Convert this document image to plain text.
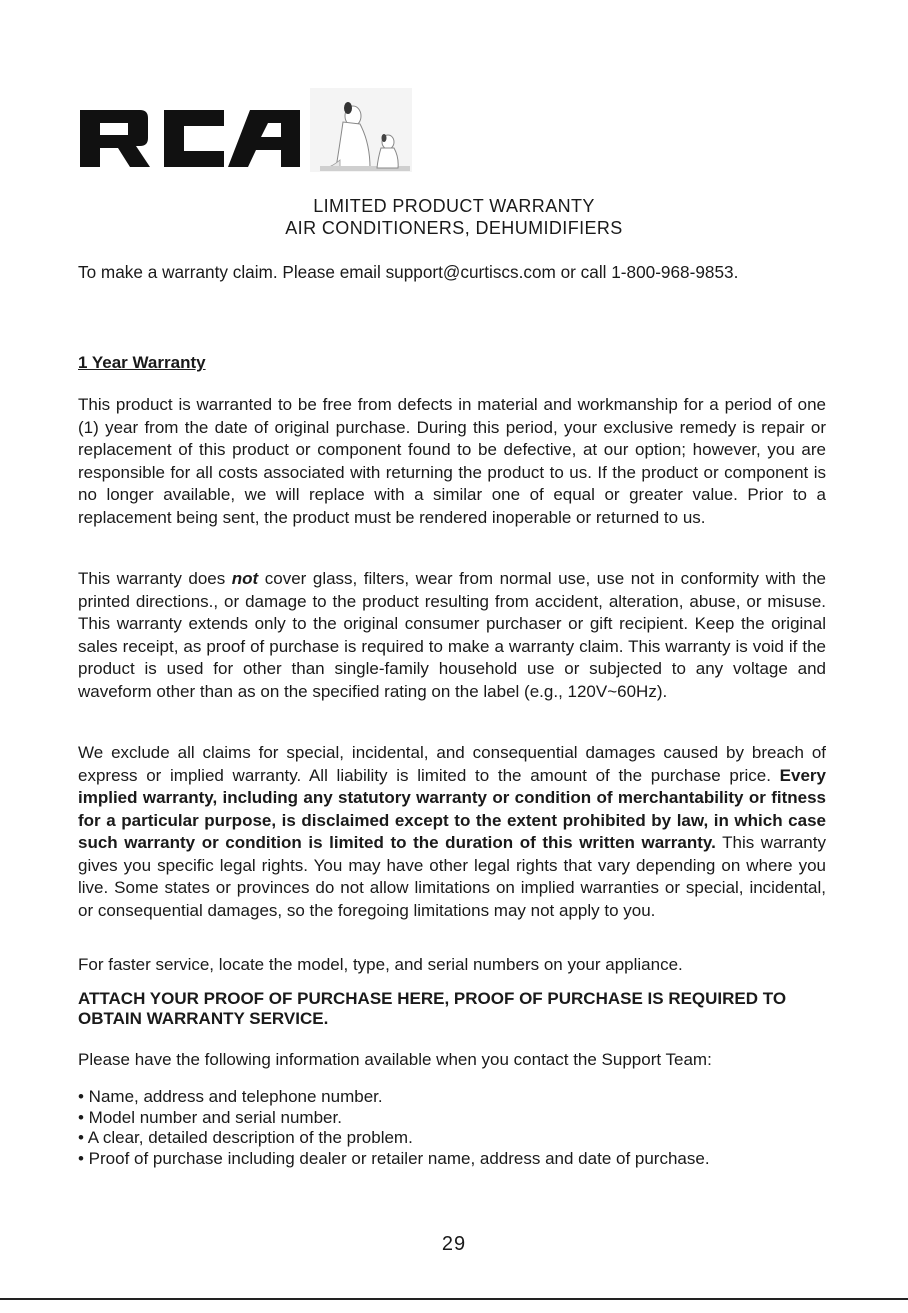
RCA
LIMITED PRODUCT WARRANTY
AIR CONDITIONERS, DEHUMIDIFIERS
To make a warranty claim. Please email support@curtiscs.com or call 1-800-968-9853.
1 Year Warranty

This product is warranted to be free from defects in material and workmanship for a period of one (1) year from the date of original purchase. During this period, your exclusive remedy is repair or replacement of this product or component found to be defective, at our option; however, you are responsible for all costs associated with returning the product to us. If the product or component is no longer available, we will replace with a similar one of equal or greater value. Prior to a replacement being sent, the product must be rendered inoperable or returned to us.

This warranty does not cover glass, filters, wear from normal use, use not in conformity with the printed directions., or damage to the product resulting from accident, alteration, abuse, or misuse. This warranty extends only to the original consumer purchaser or gift recipient. Keep the original sales receipt, as proof of purchase is required to make a warranty claim. This warranty is void if the product is used for other than single-family household use or subjected to any voltage and waveform other than as on the specified rating on the label (e.g., 120V~60Hz).

We exclude all claims for special, incidental, and consequential damages caused by breach of express or implied warranty. All liability is limited to the amount of the purchase price. Every implied warranty, including any statutory warranty or condition of merchantability or fitness for a particular purpose, is disclaimed except to the extent prohibited by law, in which case such warranty or condition is limited to the duration of this written warranty. This warranty gives you specific legal rights. You may have other legal rights that vary depending on where you live. Some states or provinces do not allow limitations on implied warranties or special, incidental, or consequential damages, so the foregoing limitations may not apply to you.

For faster service, locate the model, type, and serial numbers on your appliance.

ATTACH YOUR PROOF OF PURCHASE HERE, PROOF OF PURCHASE IS REQUIRED TO OBTAIN WARRANTY SERVICE.

Please have the following information available when you contact the Support Team:

• Name, address and telephone number.
• Model number and serial number.
• A clear, detailed description of the problem.
• Proof of purchase including dealer or retailer name, address and date of purchase.
29
